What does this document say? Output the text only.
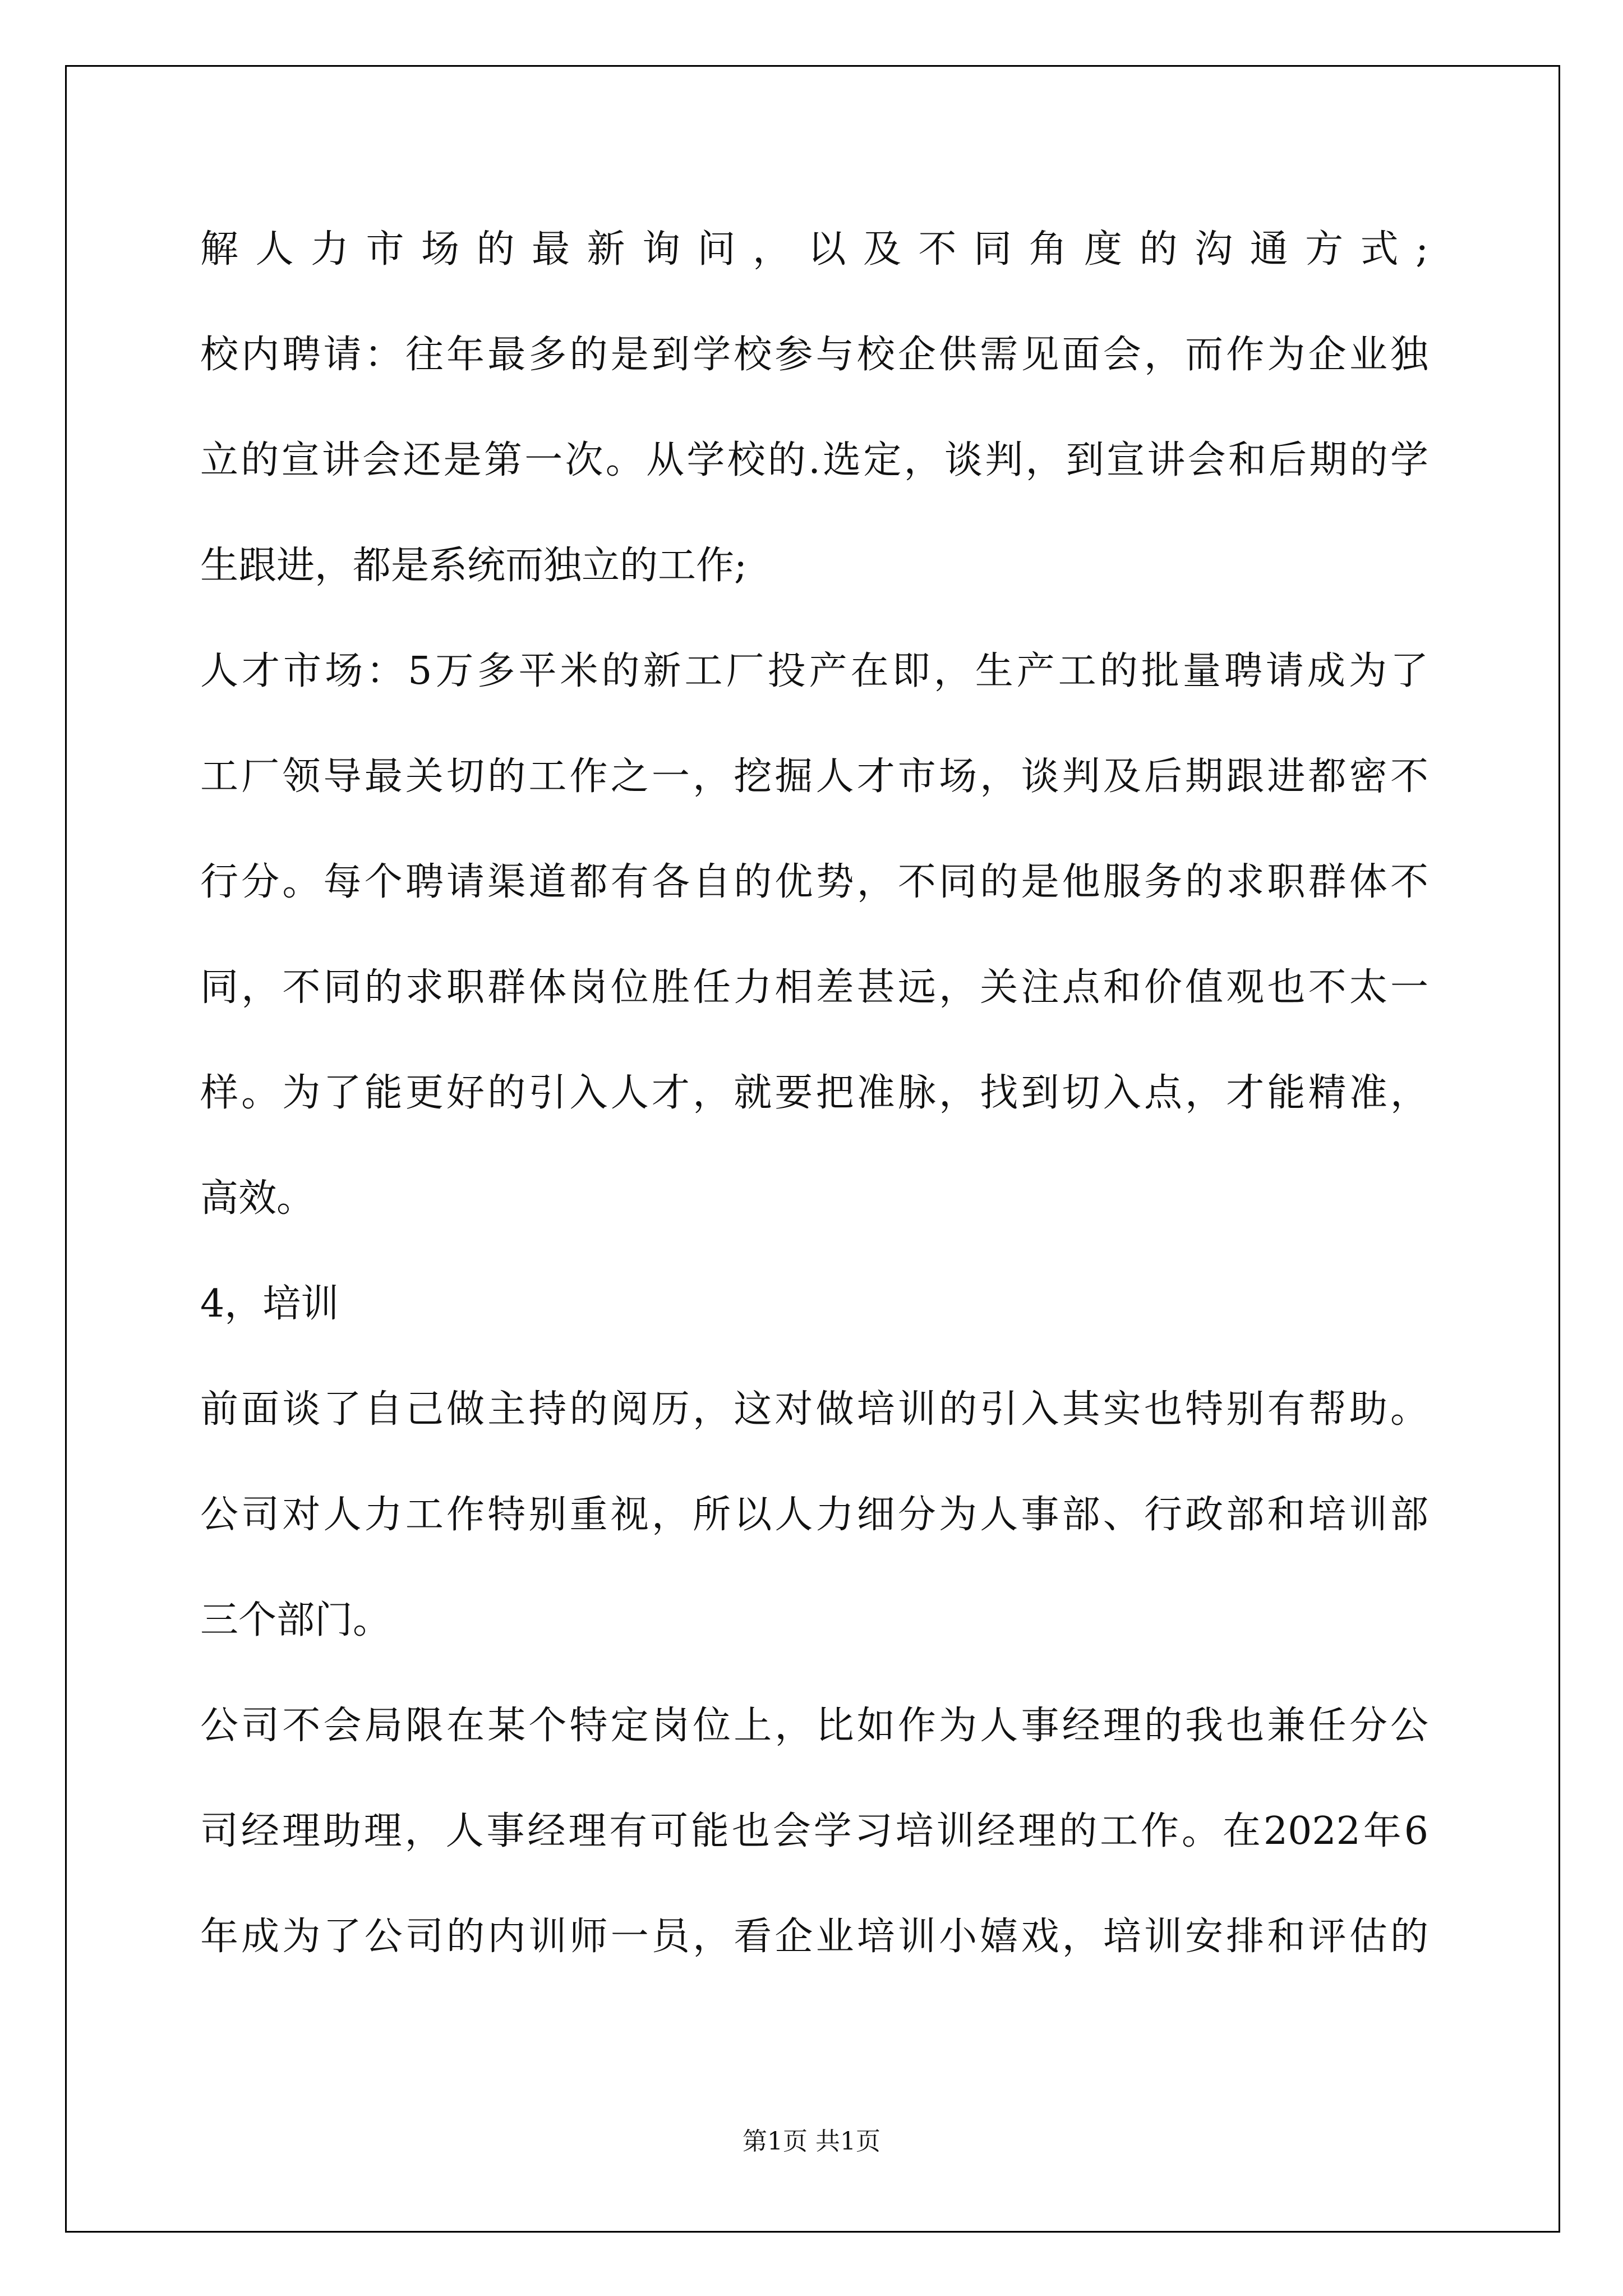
解人力市场的最新询问，以及不同角度的沟通方式;

校内聘请：往年最多的是到学校参与校企供需见面会，而作为企业独

立的宣讲会还是第一次。从学校的.选定，谈判，到宣讲会和后期的学

生跟进，都是系统而独立的工作;

人才市场：5万多平米的新工厂投产在即，生产工的批量聘请成为了

工厂领导最关切的工作之一，挖掘人才市场，谈判及后期跟进都密不

行分。每个聘请渠道都有各自的优势，不同的是他服务的求职群体不

同，不同的求职群体岗位胜任力相差甚远，关注点和价值观也不太一

样。为了能更好的引入人才，就要把准脉，找到切入点，才能精准，

高效。

4，培训

前面谈了自己做主持的阅历，这对做培训的引入其实也特别有帮助。

公司对人力工作特别重视，所以人力细分为人事部、行政部和培训部

三个部门。

公司不会局限在某个特定岗位上，比如作为人事经理的我也兼任分公

司经理助理，人事经理有可能也会学习培训经理的工作。在2022年6

年成为了公司的内训师一员，看企业培训小嬉戏，培训安排和评估的

第1页 共1页
